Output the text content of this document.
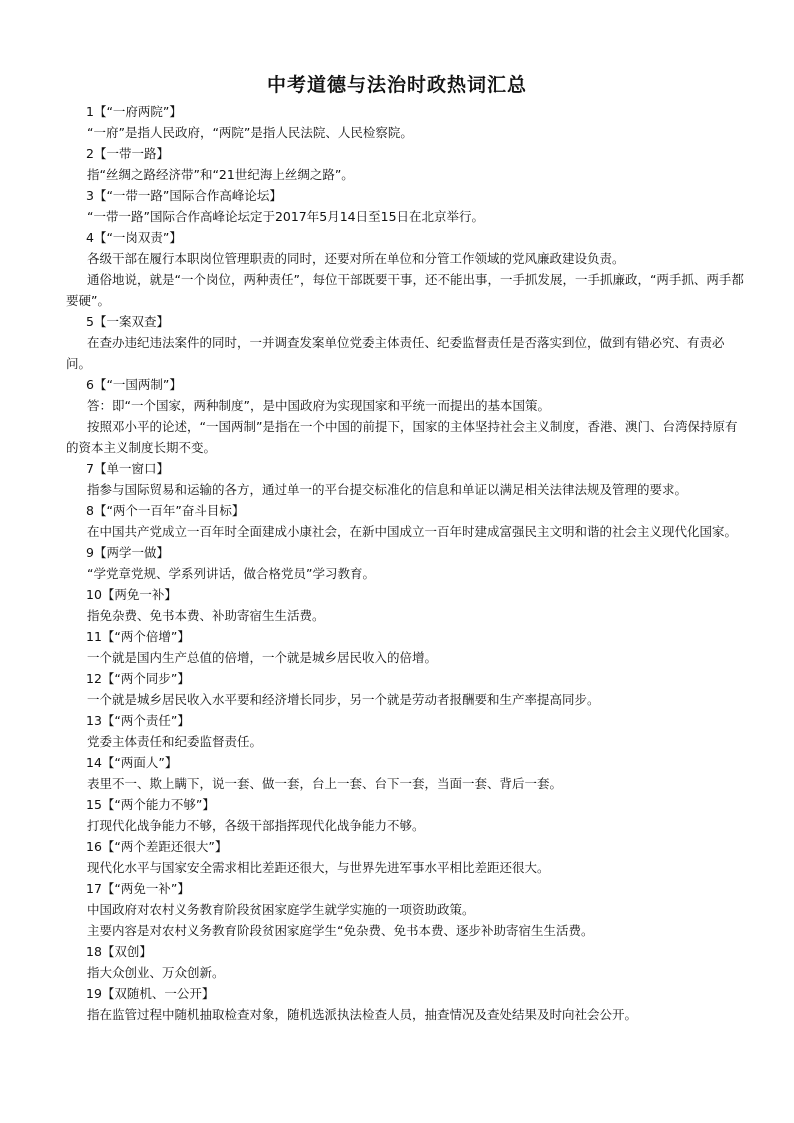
中考道德与法治时政热词汇总
1【“一府两院”】

“一府”是指人民政府，“两院”是指人民法院、人民检察院。

2【一带一路】

指“丝绸之路经济带”和“21世纪海上丝绸之路”。

3【“一带一路”国际合作高峰论坛】

“一带一路”国际合作高峰论坛定于2017年5月14日至15日在北京举行。

4【“一岗双责”】

各级干部在履行本职岗位管理职责的同时，还要对所在单位和分管工作领域的党风廉政建设负责。

通俗地说，就是“一个岗位，两种责任”，每位干部既要干事，还不能出事，一手抓发展，一手抓廉政，“两手抓、两手都要硬”。

5【一案双查】

在查办违纪违法案件的同时，一并调查发案单位党委主体责任、纪委监督责任是否落实到位，做到有错必究、有责必问。

6【“一国两制”】

答：即“一个国家，两种制度”，是中国政府为实现国家和平统一而提出的基本国策。

按照邓小平的论述，“一国两制”是指在一个中国的前提下，国家的主体坚持社会主义制度，香港、澳门、台湾保持原有的资本主义制度长期不变。

7【单一窗口】

指参与国际贸易和运输的各方，通过单一的平台提交标准化的信息和单证以满足相关法律法规及管理的要求。

8【“两个一百年”奋斗目标】

在中国共产党成立一百年时全面建成小康社会，在新中国成立一百年时建成富强民主文明和谐的社会主义现代化国家。

9【两学一做】

“学党章党规、学系列讲话，做合格党员”学习教育。

10【两免一补】

指免杂费、免书本费、补助寄宿生生活费。

11【“两个倍增”】

一个就是国内生产总值的倍增，一个就是城乡居民收入的倍增。

12【“两个同步”】

一个就是城乡居民收入水平要和经济增长同步，另一个就是劳动者报酬要和生产率提高同步。

13【“两个责任”】

党委主体责任和纪委监督责任。

14【“两面人”】

表里不一、欺上瞒下，说一套、做一套，台上一套、台下一套，当面一套、背后一套。

15【“两个能力不够”】

打现代化战争能力不够，各级干部指挥现代化战争能力不够。

16【“两个差距还很大”】

现代化水平与国家安全需求相比差距还很大，与世界先进军事水平相比差距还很大。

17【“两免一补”】

中国政府对农村义务教育阶段贫困家庭学生就学实施的一项资助政策。

主要内容是对农村义务教育阶段贫困家庭学生“免杂费、免书本费、逐步补助寄宿生生活费。

18【双创】

指大众创业、万众创新。

19【双随机、一公开】

指在监管过程中随机抽取检查对象，随机选派执法检查人员，抽查情况及查处结果及时向社会公开。
